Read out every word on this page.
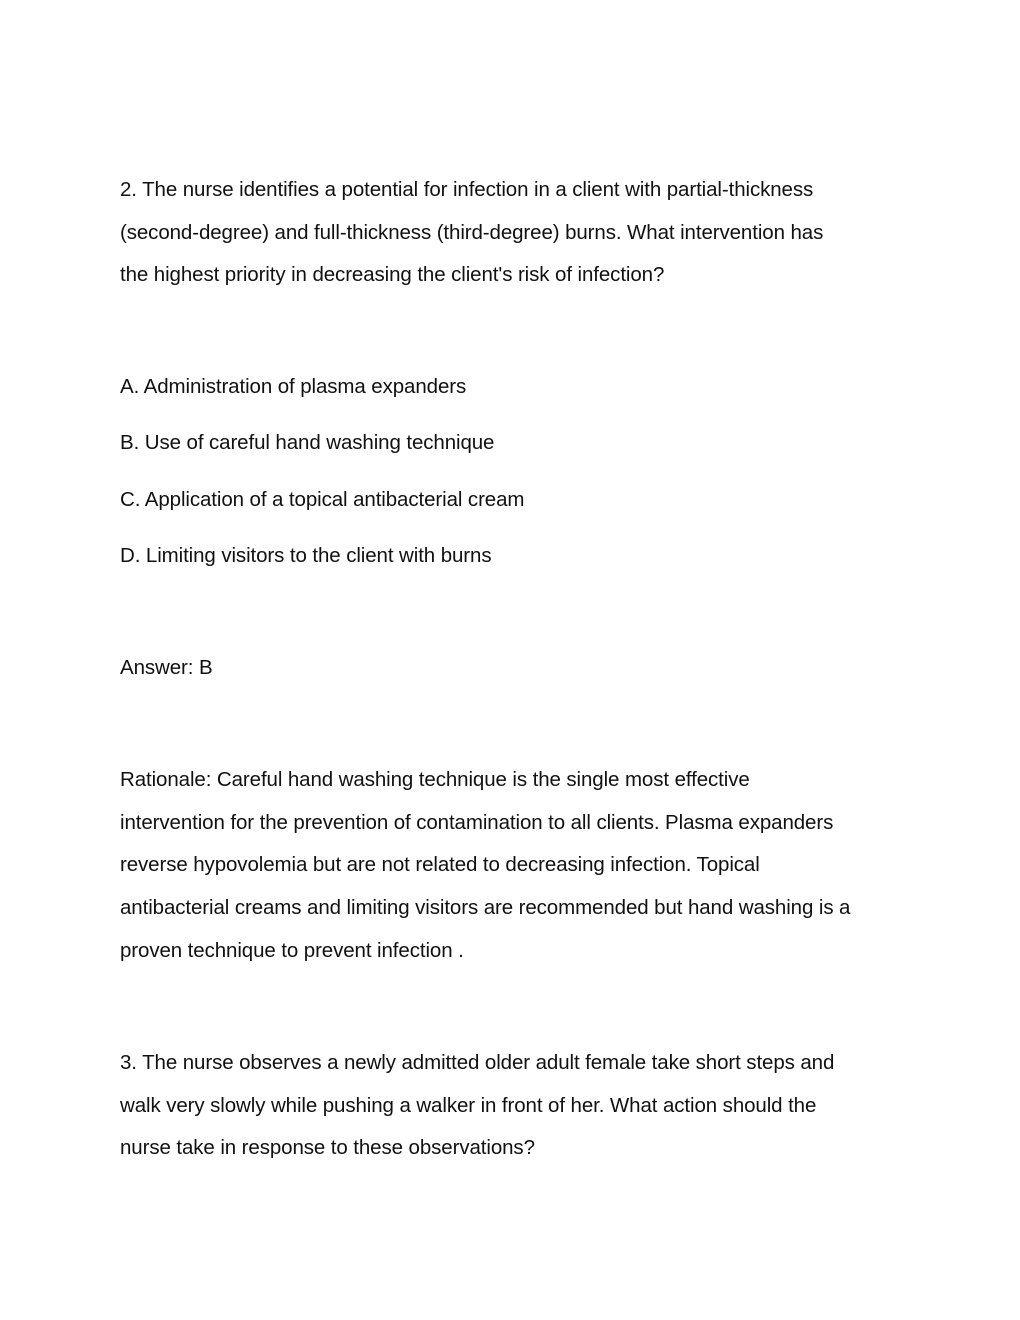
2. The nurse identifies a potential for infection in a client with partial-thickness
(second-degree) and full-thickness (third-degree) burns. What intervention has
the highest priority in decreasing the client's risk of infection?
A. Administration of plasma expanders
B. Use of careful hand washing technique
C. Application of a topical antibacterial cream
D. Limiting visitors to the client with burns
Answer: B
Rationale: Careful hand washing technique is the single most effective
intervention for the prevention of contamination to all clients. Plasma expanders
reverse hypovolemia but are not related to decreasing infection. Topical
antibacterial creams and limiting visitors are recommended but hand washing is a
proven technique to prevent infection .
3. The nurse observes a newly admitted older adult female take short steps and
walk very slowly while pushing a walker in front of her. What action should the
nurse take in response to these observations?
